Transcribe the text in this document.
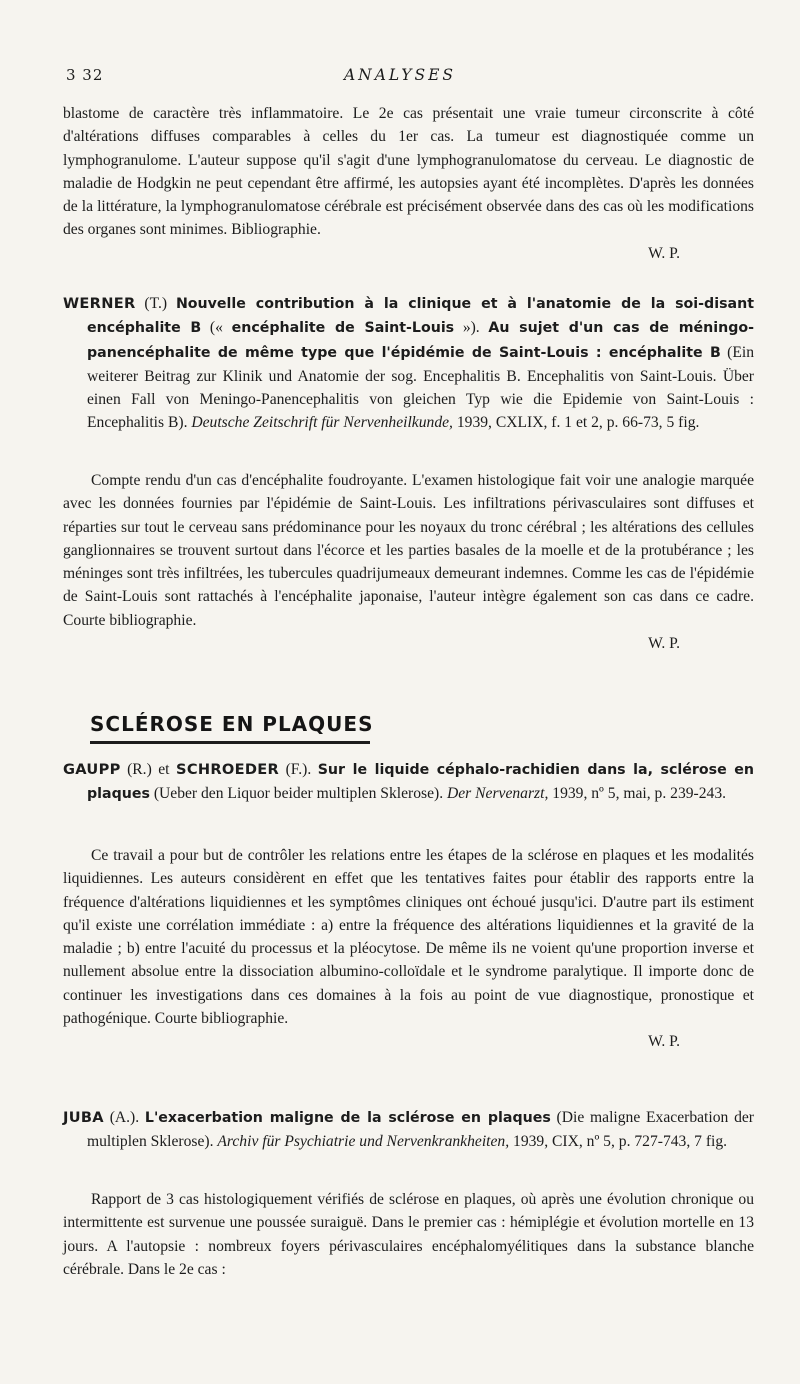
3 32	ANALYSES

blastome de caractère très inflammatoire. Le 2e cas présentait une vraie tumeur circonscrite à côté d'altérations diffuses comparables à celles du 1er cas. La tumeur est diagnostiquée comme un lymphogranulome. L'auteur suppose qu'il s'agit d'une lymphogranulomatose du cerveau. Le diagnostic de maladie de Hodgkin ne peut cependant être affirmé, les autopsies ayant été incomplètes. D'après les données de la littérature, la lymphogranulomatose cérébrale est précisément observée dans des cas où les modifications des organes sont minimes. Bibliographie.
W. P.

WERNER (T.) Nouvelle contribution à la clinique et à l'anatomie de la soi-disant encéphalite B (« encéphalite de Saint-Louis »). Au sujet d'un cas de méningo-panencéphalite de même type que l'épidémie de Saint-Louis : encéphalite B (Ein weiterer Beitrag zur Klinik und Anatomie der sog. Encephalitis B. Encephalitis von Saint-Louis. Über einen Fall von Meningo-Panencephalitis von gleichen Typ wie die Epidemie von Saint-Louis : Encephalitis B). Deutsche Zeitschrift für Nervenheilkunde, 1939, CXLIX, f. 1 et 2, p. 66-73, 5 fig.

Compte rendu d'un cas d'encéphalite foudroyante. L'examen histologique fait voir une analogie marquée avec les données fournies par l'épidémie de Saint-Louis. Les infiltrations périvasculaires sont diffuses et réparties sur tout le cerveau sans prédominance pour les noyaux du tronc cérébral ; les altérations des cellules ganglionnaires se trouvent surtout dans l'écorce et les parties basales de la moelle et de la protubérance ; les méninges sont très infiltrées, les tubercules quadrijumeaux demeurant indemnes. Comme les cas de l'épidémie de Saint-Louis sont rattachés à l'encéphalite japonaise, l'auteur intègre également son cas dans ce cadre. Courte bibliographie.
W. P.

SCLÉROSE EN PLAQUES

GAUPP (R.) et SCHROEDER (F.). Sur le liquide céphalo-rachidien dans la, sclérose en plaques (Ueber den Liquor beider multiplen Sklerose). Der Nervenarzt, 1939, nº 5, mai, p. 239-243.

Ce travail a pour but de contrôler les relations entre les étapes de la sclérose en plaques et les modalités liquidiennes. Les auteurs considèrent en effet que les tentatives faites pour établir des rapports entre la fréquence d'altérations liquidiennes et les symptômes cliniques ont échoué jusqu'ici. D'autre part ils estiment qu'il existe une corrélation immédiate : a) entre la fréquence des altérations liquidiennes et la gravité de la maladie ; b) entre l'acuité du processus et la pléocytose. De même ils ne voient qu'une proportion inverse et nullement absolue entre la dissociation albumino-colloïdale et le syndrome paralytique. Il importe donc de continuer les investigations dans ces domaines à la fois au point de vue diagnostique, pronostique et pathogénique. Courte bibliographie.
W. P.

JUBA (A.). L'exacerbation maligne de la sclérose en plaques (Die maligne Exacerbation der multiplen Sklerose). Archiv für Psychiatrie und Nervenkrankheiten, 1939, CIX, nº 5, p. 727-743, 7 fig.

Rapport de 3 cas histologiquement vérifiés de sclérose en plaques, où après une évolution chronique ou intermittente est survenue une poussée suraiguë. Dans le premier cas : hémiplégie et évolution mortelle en 13 jours. A l'autopsie : nombreux foyers périvasculaires encéphalomyélitiques dans la substance blanche cérébrale. Dans le 2e cas :
